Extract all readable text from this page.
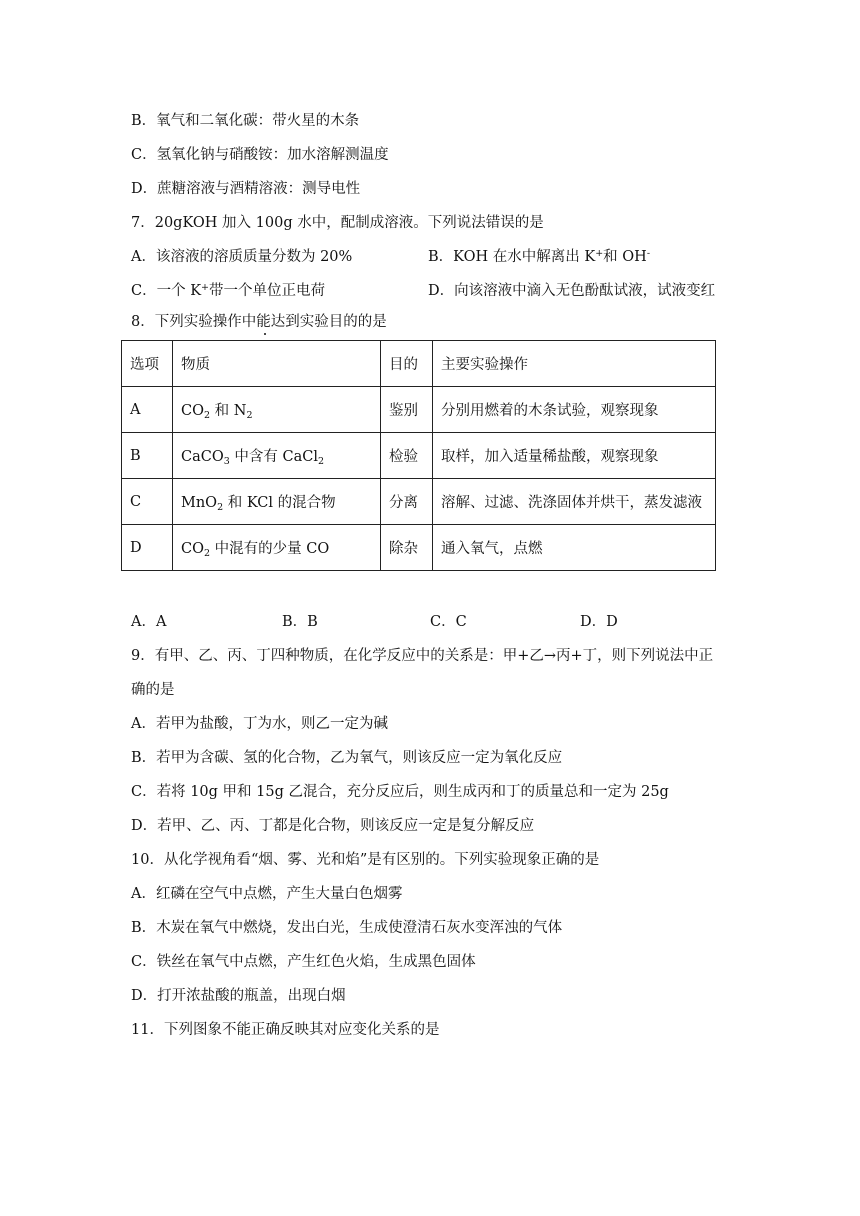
B．氧气和二氧化碳：带火星的木条
C．氢氧化钠与硝酸铵：加水溶解测温度
D．蔗糖溶液与酒精溶液：测导电性
7．20gKOH 加入 100g 水中，配制成溶液。下列说法错误的是
A．该溶液的溶质质量分数为 20%	B．KOH 在水中解离出 K+和 OH-
C．一个 K+带一个单位正电荷	D．向该溶液中滴入无色酚酞试液，试液变红
8．下列实验操作中能达到实验目的的是
选项	物质	目的	主要实验操作
A	$CO_2$ 和 $N_2$	鉴别	分别用燃着的木条试验，观察现象
B	CaCO$_3$ 中含有 CaCl$_2$	检验	取样，加入适量稀盐酸，观察现象
C	MnO$_2$ 和 KCl 的混合物	分离	溶解、过滤、洗涤固体并烘干，蒸发滤液
D	$CO_2$ 中混有的少量 CO	除杂	通入氧气，点燃
A．A	B．B	C．C	D．D
9．有甲、乙、丙、丁四种物质，在化学反应中的关系是：甲+乙→丙+丁，则下列说法中正
确的是
A．若甲为盐酸，丁为水，则乙一定为碱
B．若甲为含碳、氢的化合物，乙为氧气，则该反应一定为氧化反应
C．若将 10g 甲和 15g 乙混合，充分反应后，则生成丙和丁的质量总和一定为 25g
D．若甲、乙、丙、丁都是化合物，则该反应一定是复分解反应
10．从化学视角看“烟、雾、光和焰”是有区别的。下列实验现象正确的是
A．红磷在空气中点燃，产生大量白色烟雾
B．木炭在氧气中燃烧，发出白光，生成使澄清石灰水变浑浊的气体
C．铁丝在氧气中点燃，产生红色火焰，生成黑色固体
D．打开浓盐酸的瓶盖，出现白烟
11．下列图象不能正确反映其对应变化关系的是
